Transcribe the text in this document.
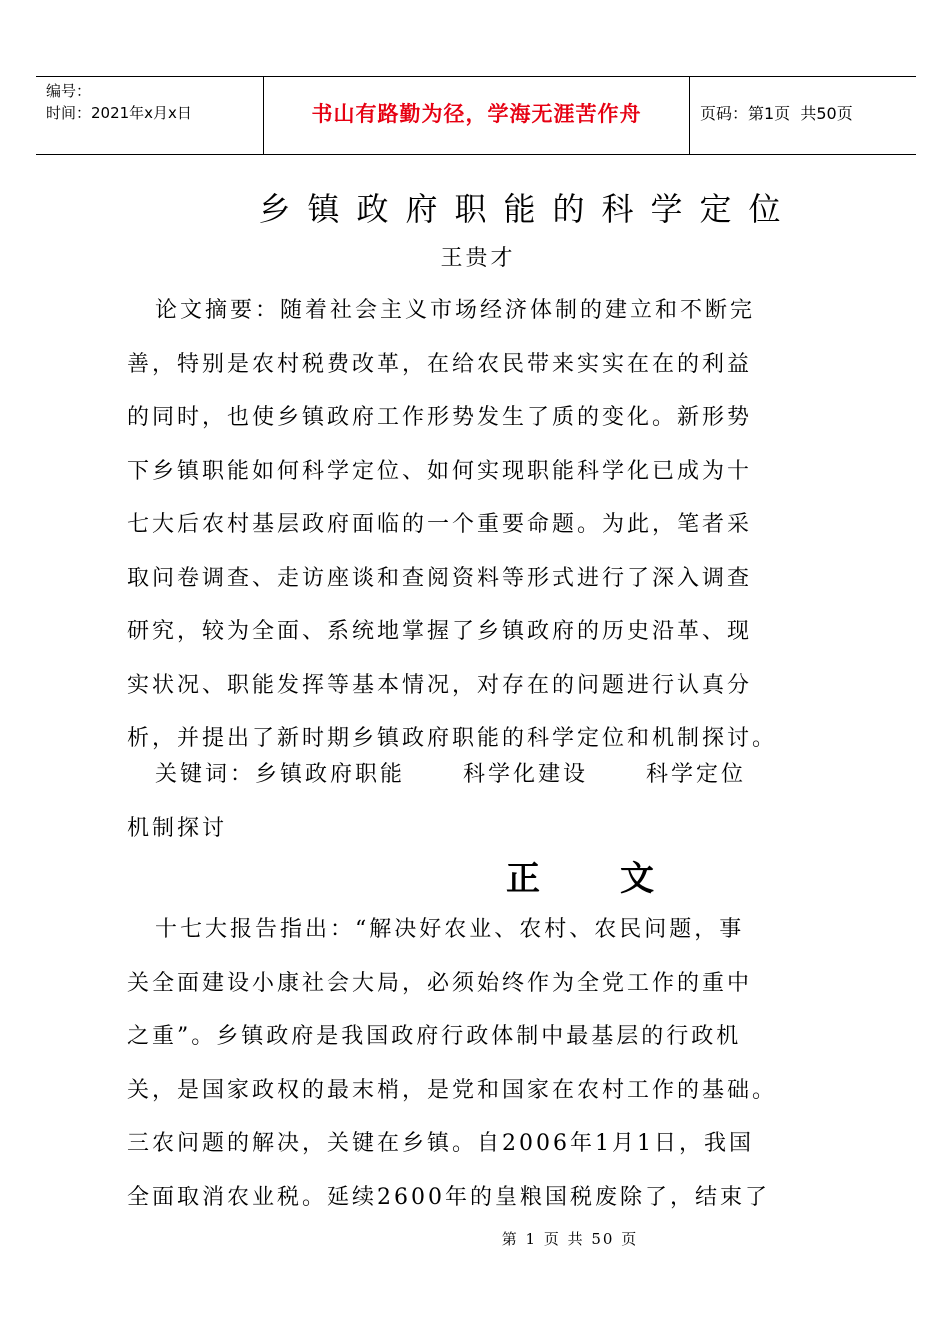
编号：
时间：2021年x月x日	书山有路勤为径，学海无涯苦作舟	页码：第1页  共50页
乡镇政府职能的科学定位
王贵才
论文摘要：随着社会主义市场经济体制的建立和不断完
善，特别是农村税费改革，在给农民带来实实在在的利益
的同时，也使乡镇政府工作形势发生了质的变化。新形势
下乡镇职能如何科学定位、如何实现职能科学化已成为十
七大后农村基层政府面临的一个重要命题。为此，笔者采
取问卷调查、走访座谈和查阅资料等形式进行了深入调查
研究，较为全面、系统地掌握了乡镇政府的历史沿革、现
实状况、职能发挥等基本情况，对存在的问题进行认真分
析，并提出了新时期乡镇政府职能的科学定位和机制探讨。
关键词：乡镇政府职能	科学化建设	科学定位
机制探讨
正文
十七大报告指出：“解决好农业、农村、农民问题，事
关全面建设小康社会大局，必须始终作为全党工作的重中
之重”。乡镇政府是我国政府行政体制中最基层的行政机
关，是国家政权的最末梢，是党和国家在农村工作的基础。
三农问题的解决，关键在乡镇。自2006年1月1日，我国
全面取消农业税。延续2600年的皇粮国税废除了，结束了
第 1 页 共 50 页
